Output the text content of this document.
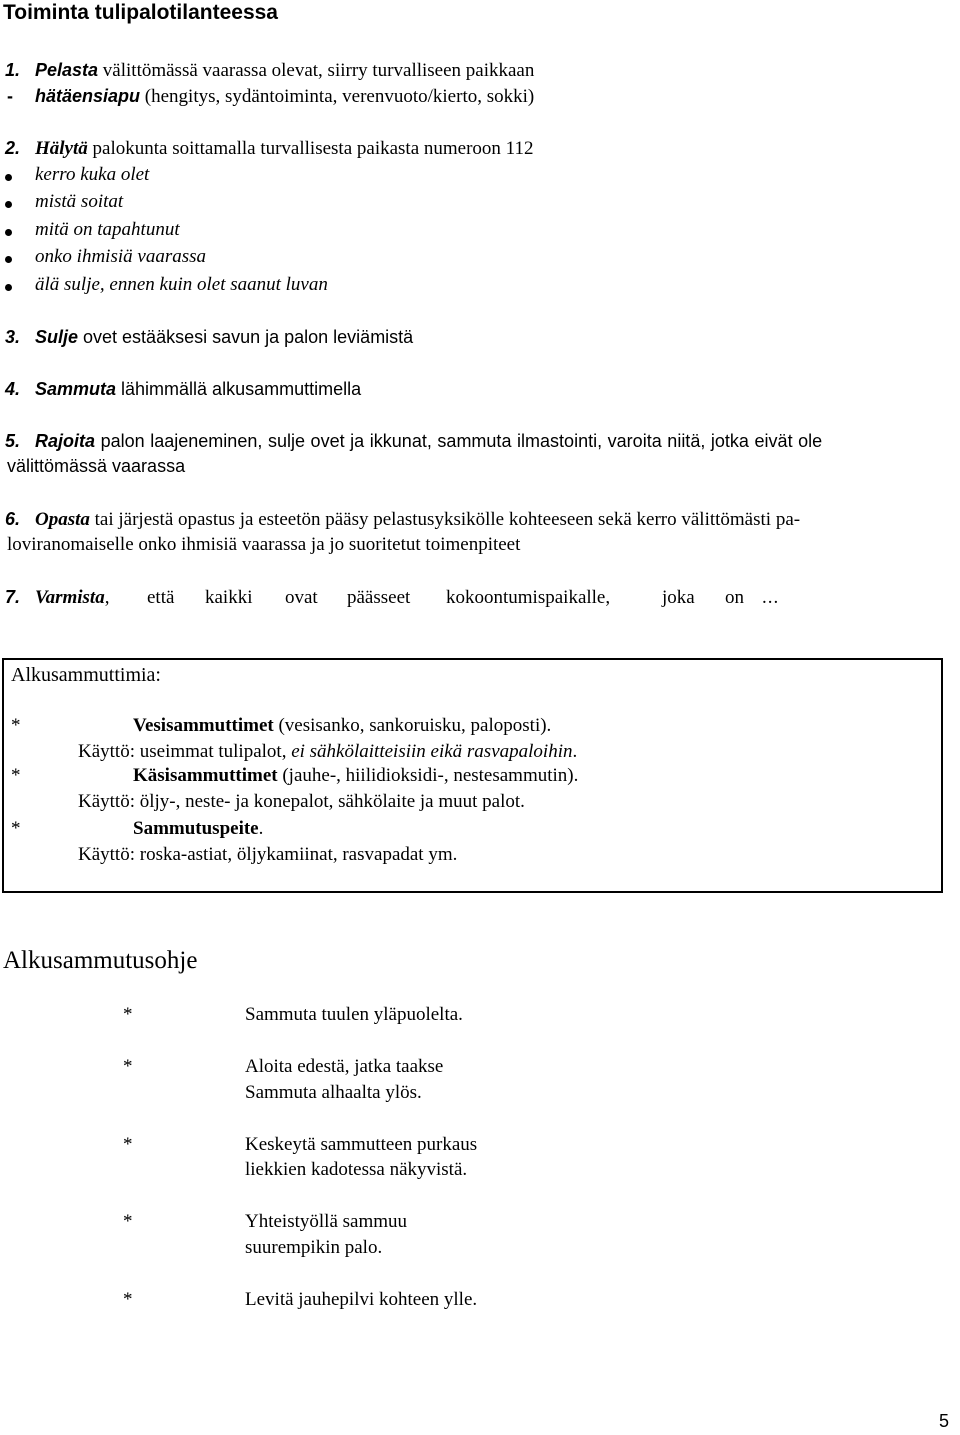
Toiminta tulipalotilanteessa
1. Pelasta välittömässä vaarassa olevat, siirry turvalliseen paikkaan
- hätäensiapu (hengitys, sydäntoiminta, verenvuoto/kierto, sokki)
2. Hälytä palokunta soittamalla turvallisesta paikasta numeroon 112
kerro kuka olet
mistä soitat
mitä on tapahtunut
onko ihmisiä vaarassa
älä sulje, ennen kuin olet saanut luvan
3. Sulje ovet estääksesi savun ja palon leviämistä
4. Sammuta lähimmällä alkusammuttimella
5. Rajoita palon laajeneminen, sulje ovet ja ikkunat, sammuta ilmastointi, varoita niitä, jotka eivät ole
välittömässä vaarassa
6. Opasta tai järjestä opastus ja esteetön pääsy pelastusyksikölle kohteeseen sekä kerro välittömästi pa-
loviranomaiselle onko ihmisiä vaarassa ja jo suoritetut toimenpiteet
7. Varmista, että kaikki ovat päässeet kokoontumispaikalle,	joka on ...
Alkusammuttimia:
*	Vesisammuttimet (vesisanko, sankoruisku, paloposti).
Käyttö: useimmat tulipalot, ei sähkölaitteisiin eikä rasvapaloihin.
*	Käsisammuttimet (jauhe-, hiilidioksidi-, nestesammutin).
Käyttö: öljy-, neste- ja konepalot, sähkölaite ja muut palot.
*	Sammutuspeite.
Käyttö: roska-astiat, öljykamiinat, rasvapadat ym.
Alkusammutusohje
*	Sammuta tuulen yläpuolelta.
*	Aloita edestä, jatka taakse
Sammuta alhaalta ylös.
*	Keskeytä sammutteen purkaus
liekkien kadotessa näkyvistä.
*	Yhteistyöllä sammuu
suurempikin palo.
*	Levitä jauhepilvi kohteen ylle.
5
